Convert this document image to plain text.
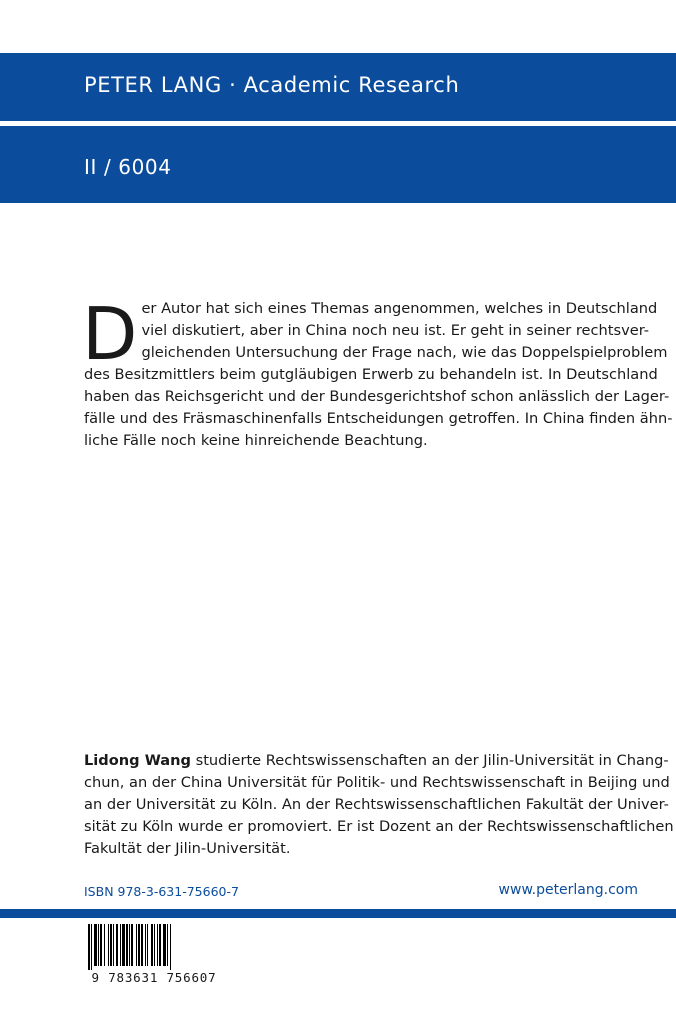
PETER LANG · Academic Research
II / 6004
D er Autor hat sich eines Themas angenommen, welches in Deutschland
viel diskutiert, aber in China noch neu ist. Er geht in seiner rechtsver-
gleichenden Untersuchung der Frage nach, wie das Doppelspielproblem
des Besitzmittlers beim gutgläubigen Erwerb zu behandeln ist. In Deutschland
haben das Reichsgericht und der Bundesgerichtshof schon anlässlich der Lager-
fälle und des Fräsmaschinenfalls Entscheidungen getroffen. In China finden ähn-
liche Fälle noch keine hinreichende Beachtung.
Lidong Wang studierte Rechtswissenschaften an der Jilin-Universität in Chang-
chun, an der China Universität für Politik- und Rechtswissenschaft in Beijing und
an der Universität zu Köln. An der Rechtswissenschaftlichen Fakultät der Univer-
sität zu Köln wurde er promoviert. Er ist Dozent an der Rechtswissenschaftlichen
Fakultät der Jilin-Universität.
ISBN 978-3-631-75660-7	www.peterlang.com
9 783631 756607
